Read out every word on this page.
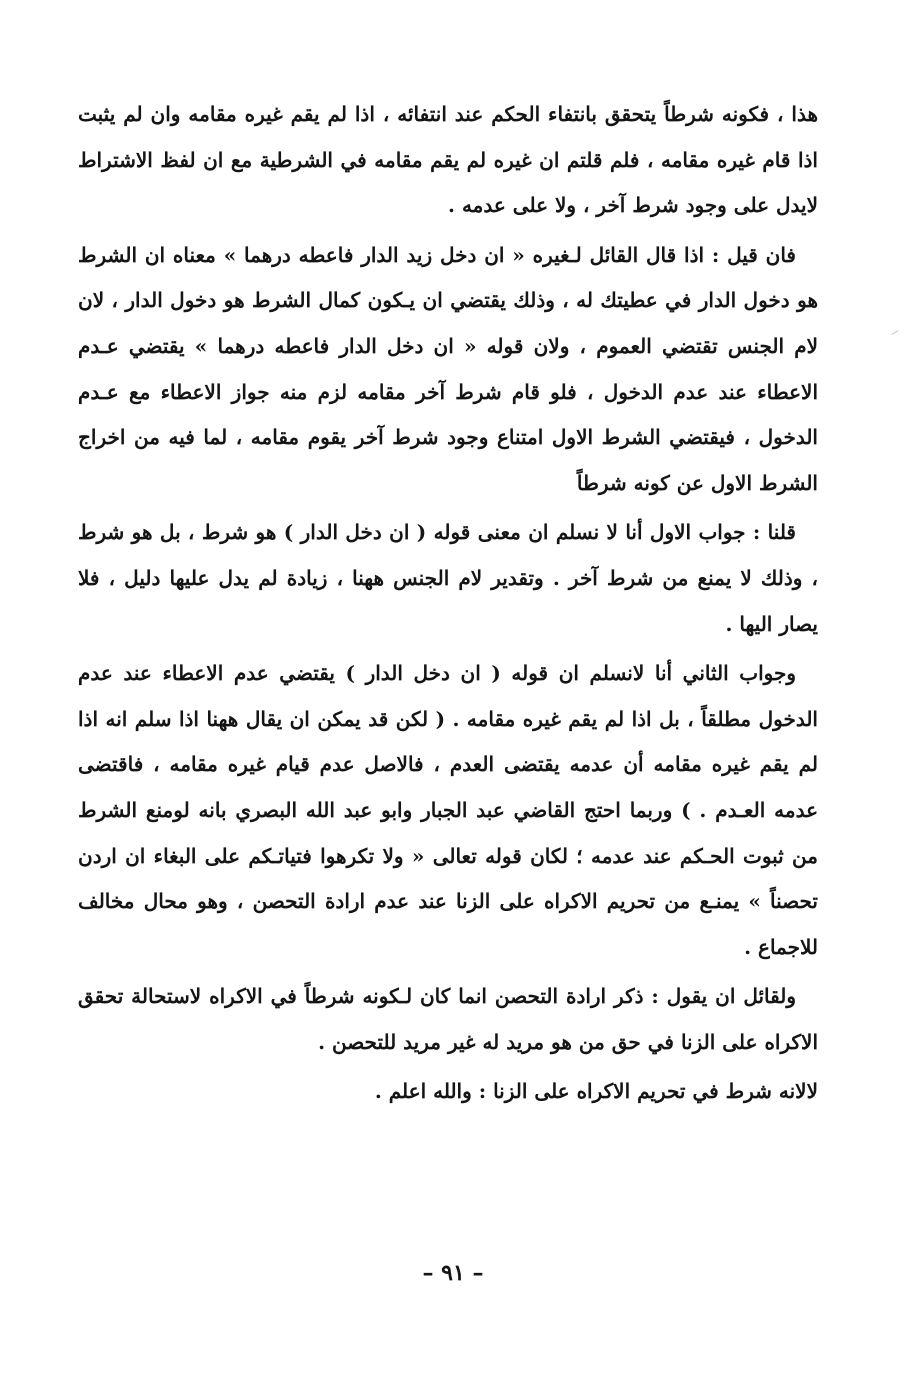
هذا ، فكونه شرطاً يتحقق بانتفاء الحكم عند انتفائه ، اذا لم يقم غيره مقامه وان لم يثبت اذا قام غيره مقامه ، فلم قلتم ان غيره لم يقم مقامه في الشرطية مع ان لفظ الاشتراط لايدل على وجود شرط آخر ، ولا على عدمه .

فان قيل : اذا قال القائل لـغيره « ان دخل زيد الدار فاعطه درهما » معناه ان الشرط هو دخول الدار في عطيتك له ، وذلك يقتضي ان يـكون كمال الشرط هو دخول الدار ، لان لام الجنس تقتضي العموم ، ولان قوله « ان دخل الدار فاعطه درهما » يقتضي عـدم الاعطاء عند عدم الدخول ، فلو قام شرط آخر مقامه لزم منه جواز الاعطاء مع عـدم الدخول ، فيقتضي الشرط الاول امتناع وجود شرط آخر يقوم مقامه ، لما فيه من اخراج الشرط الاول عن كونه شرطاً

قلنا : جواب الاول أنا لا نسلم ان معنى قوله ( ان دخل الدار ) هو شرط ، بل هو شرط ، وذلك لا يمنع من شرط آخر . وتقدير لام الجنس ههنا ، زيادة لم يدل عليها دليل ، فلا يصار اليها .

وجواب الثاني أنا لانسلم ان قوله ( ان دخل الدار ) يقتضي عدم الاعطاء عند عدم الدخول مطلقاً ، بل اذا لم يقم غيره مقامه . ( لكن قد يمكن ان يقال ههنا اذا سلم انه اذا لم يقم غيره مقامه أن عدمه يقتضى العدم ، فالاصل عدم قيام غيره مقامه ، فاقتضى عدمه العـدم . ) وربما احتج القاضي عبد الجبار وابو عبد الله البصري بانه لومنع الشرط من ثبوت الحـكم عند عدمه ؛ لكان قوله تعالى « ولا تكرهوا فتياتـكم على البغاء ان اردن تحصناً » يمنـع من تحريم الاكراه على الزنا عند عدم ارادة التحصن ، وهو محال مخالف للاجماع .

ولقائل ان يقول : ذكر ارادة التحصن انما كان لـكونه شرطاً في الاكراه لاستحالة تحقق الاكراه على الزنا في حق من هو مريد له غير مريد للتحصن .

لالانه شرط في تحريم الاكراه على الزنا : والله اعلم .

– ٩١ –
